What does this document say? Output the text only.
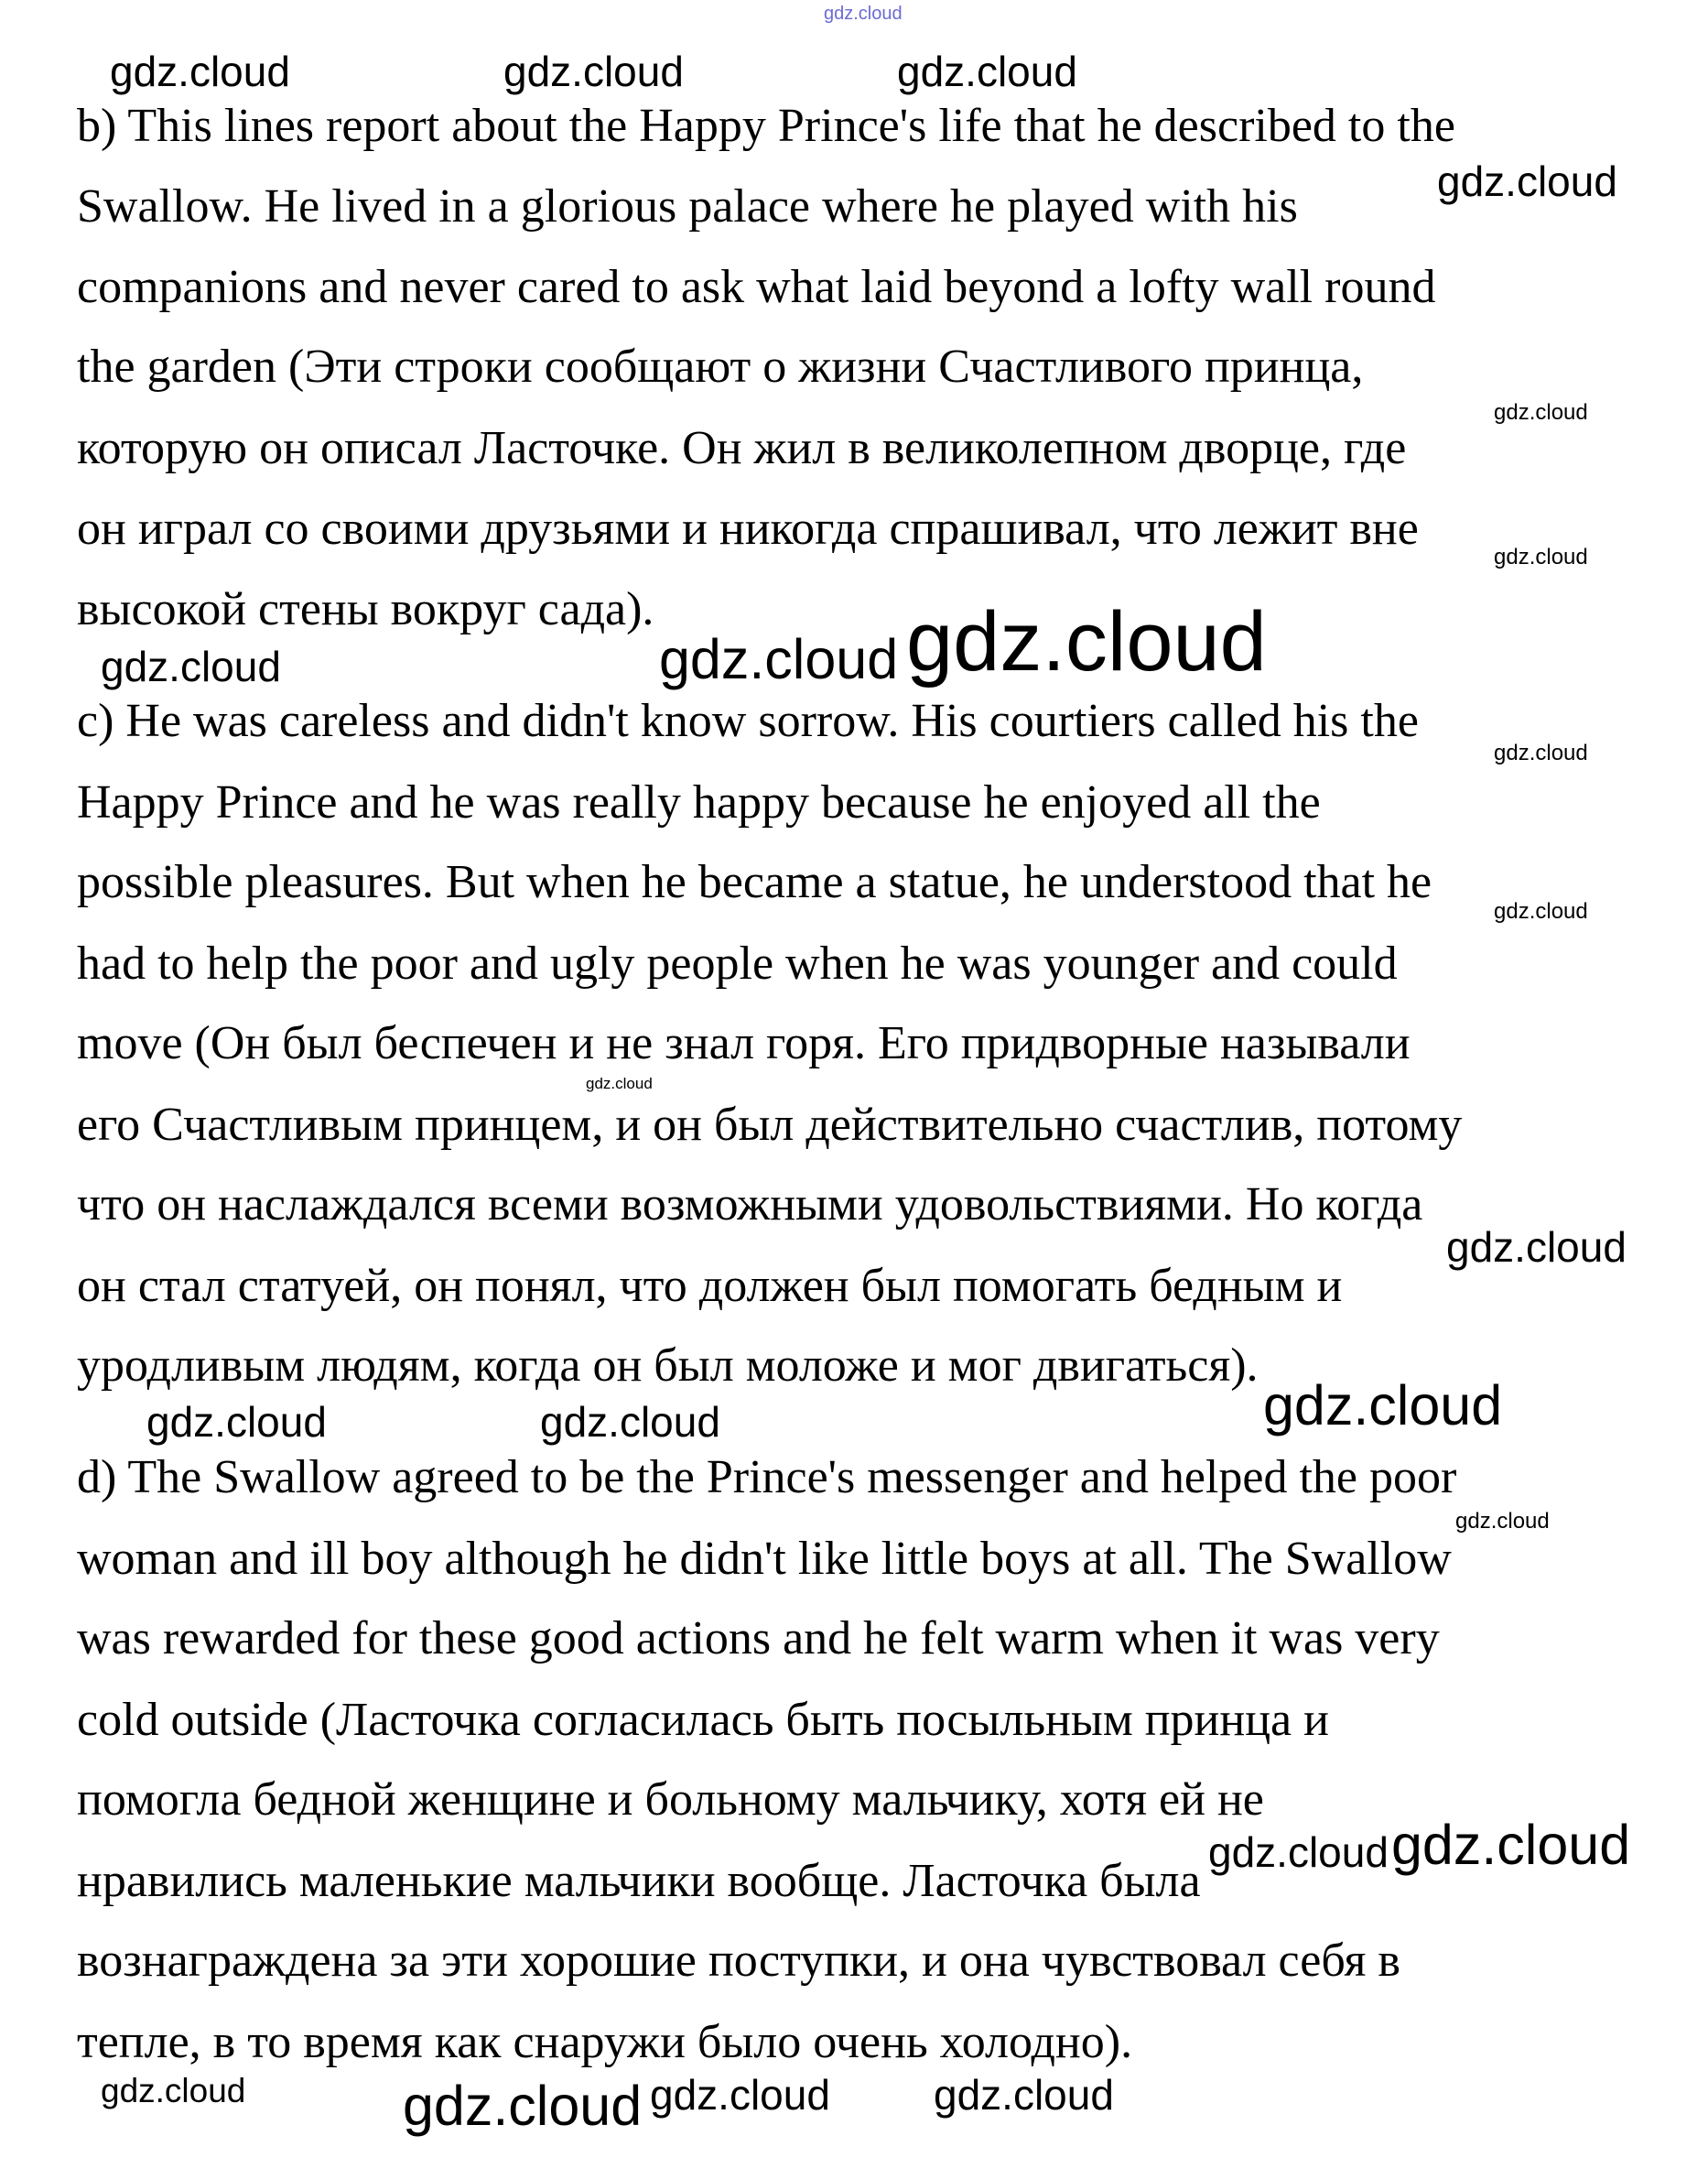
b) This lines report about the Happy Prince's life that he described to the
Swallow. He lived in a glorious palace where he played with his
companions and never cared to ask what laid beyond a lofty wall round
the garden (Эти строки сообщают о жизни Счастливого принца,
которую он описал Ласточке. Он жил в великолепном дворце, где
он играл со своими друзьями и никогда спрашивал, что лежит вне
высокой стены вокруг сада).
c) He was careless and didn't know sorrow. His courtiers called his the
Happy Prince and he was really happy because he enjoyed all the
possible pleasures. But when he became a statue, he understood that he
had to help the poor and ugly people when he was younger and could
move (Он был беспечен и не знал горя. Его придворные называли
его Счастливым принцем, и он был действительно счастлив, потому
что он наслаждался всеми возможными удовольствиями. Но когда
он стал статуей, он понял, что должен был помогать бедным и
уродливым людям, когда он был моложе и мог двигаться).
d) The Swallow agreed to be the Prince's messenger and helped the poor
woman and ill boy although he didn't like little boys at all. The Swallow
was rewarded for these good actions and he felt warm when it was very
cold outside (Ласточка согласилась быть посыльным принца и
помогла бедной женщине и больному мальчику, хотя ей не
нравились маленькие мальчики вообще. Ласточка была
вознаграждена за эти хорошие поступки, и она чувствовал себя в
тепле, в то время как снаружи было очень холодно).
gdz.cloud
gdz.cloud	gdz.cloud	gdz.cloud
gdz.cloud
gdz.cloud
gdz.cloud
gdz.cloud gdz.cloud
gdz.cloud
gdz.cloud
gdz.cloud
gdz.cloud
gdz.cloud
gdz.cloud
gdz.cloud
gdz.cloud
gdz.cloud	gdz.cloud
gdz.cloud gdz.cloud
gdz.cloud	gdz.cloud gdz.cloud
